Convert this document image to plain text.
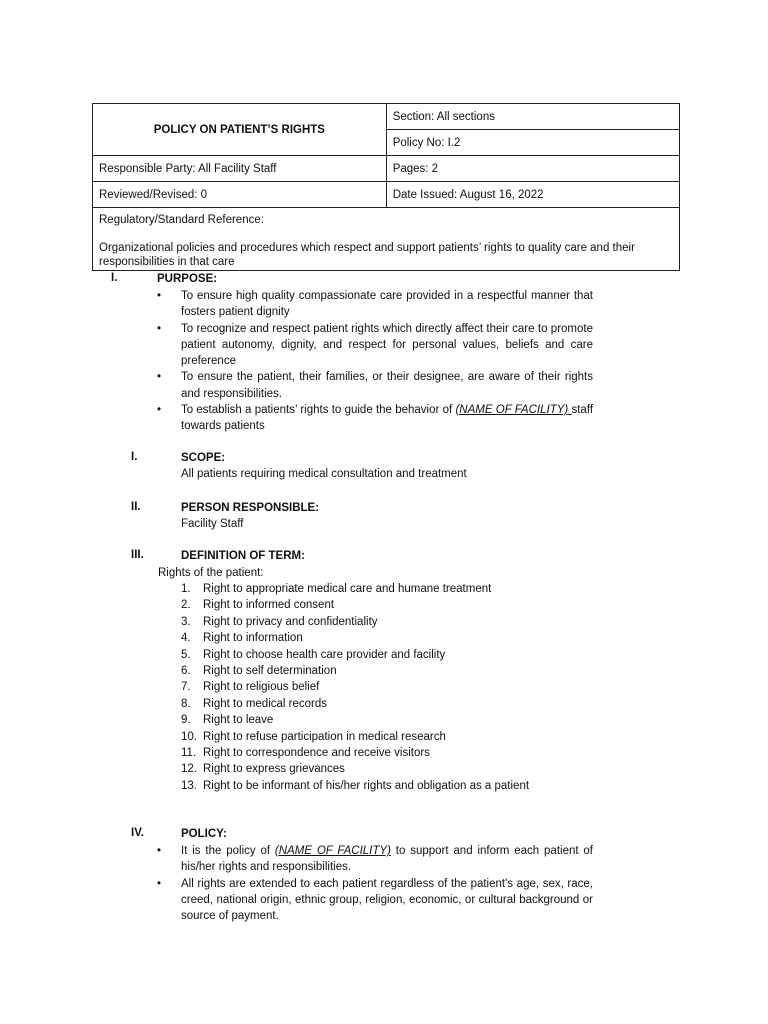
POLICY ON PATIENT’S RIGHTS	Section: All sections
	Policy No: I.2
Responsible Party: All Facility Staff	Pages: 2
Reviewed/Revised: 0	Date Issued: August 16, 2022

Regulatory/Standard Reference:
Organizational policies and procedures which respect and support patients’ rights to quality care and their responsibilities in that care	
I.	PURPOSE:
• To ensure high quality compassionate care provided in a respectful manner that fosters patient dignity
• To recognize and respect patient rights which directly affect their care to promote patient autonomy, dignity, and respect for personal values, beliefs and care preference
• To ensure the patient, their families, or their designee, are aware of their rights and responsibilities.
• To establish a patients’ rights to guide the behavior of (NAME OF FACILITY) staff towards patients
I.	SCOPE:
All patients requiring medical consultation and treatment
II.	PERSON RESPONSIBLE:
Facility Staff
III.	DEFINITION OF TERM:
Rights of the patient:
1. Right to appropriate medical care and humane treatment
2. Right to informed consent
3. Right to privacy and confidentiality
4. Right to information
5. Right to choose health care provider and facility
6. Right to self determination
7. Right to religious belief
8. Right to medical records
9. Right to leave
10. Right to refuse participation in medical research
11. Right to correspondence and receive visitors
12. Right to express grievances
13. Right to be informant of his/her rights and obligation as a patient
IV.	POLICY:
• It is the policy of (NAME OF FACILITY) to support and inform each patient of his/her rights and responsibilities.
• All rights are extended to each patient regardless of the patient's age, sex, race, creed, national origin, ethnic group, religion, economic, or cultural background or source of payment.
